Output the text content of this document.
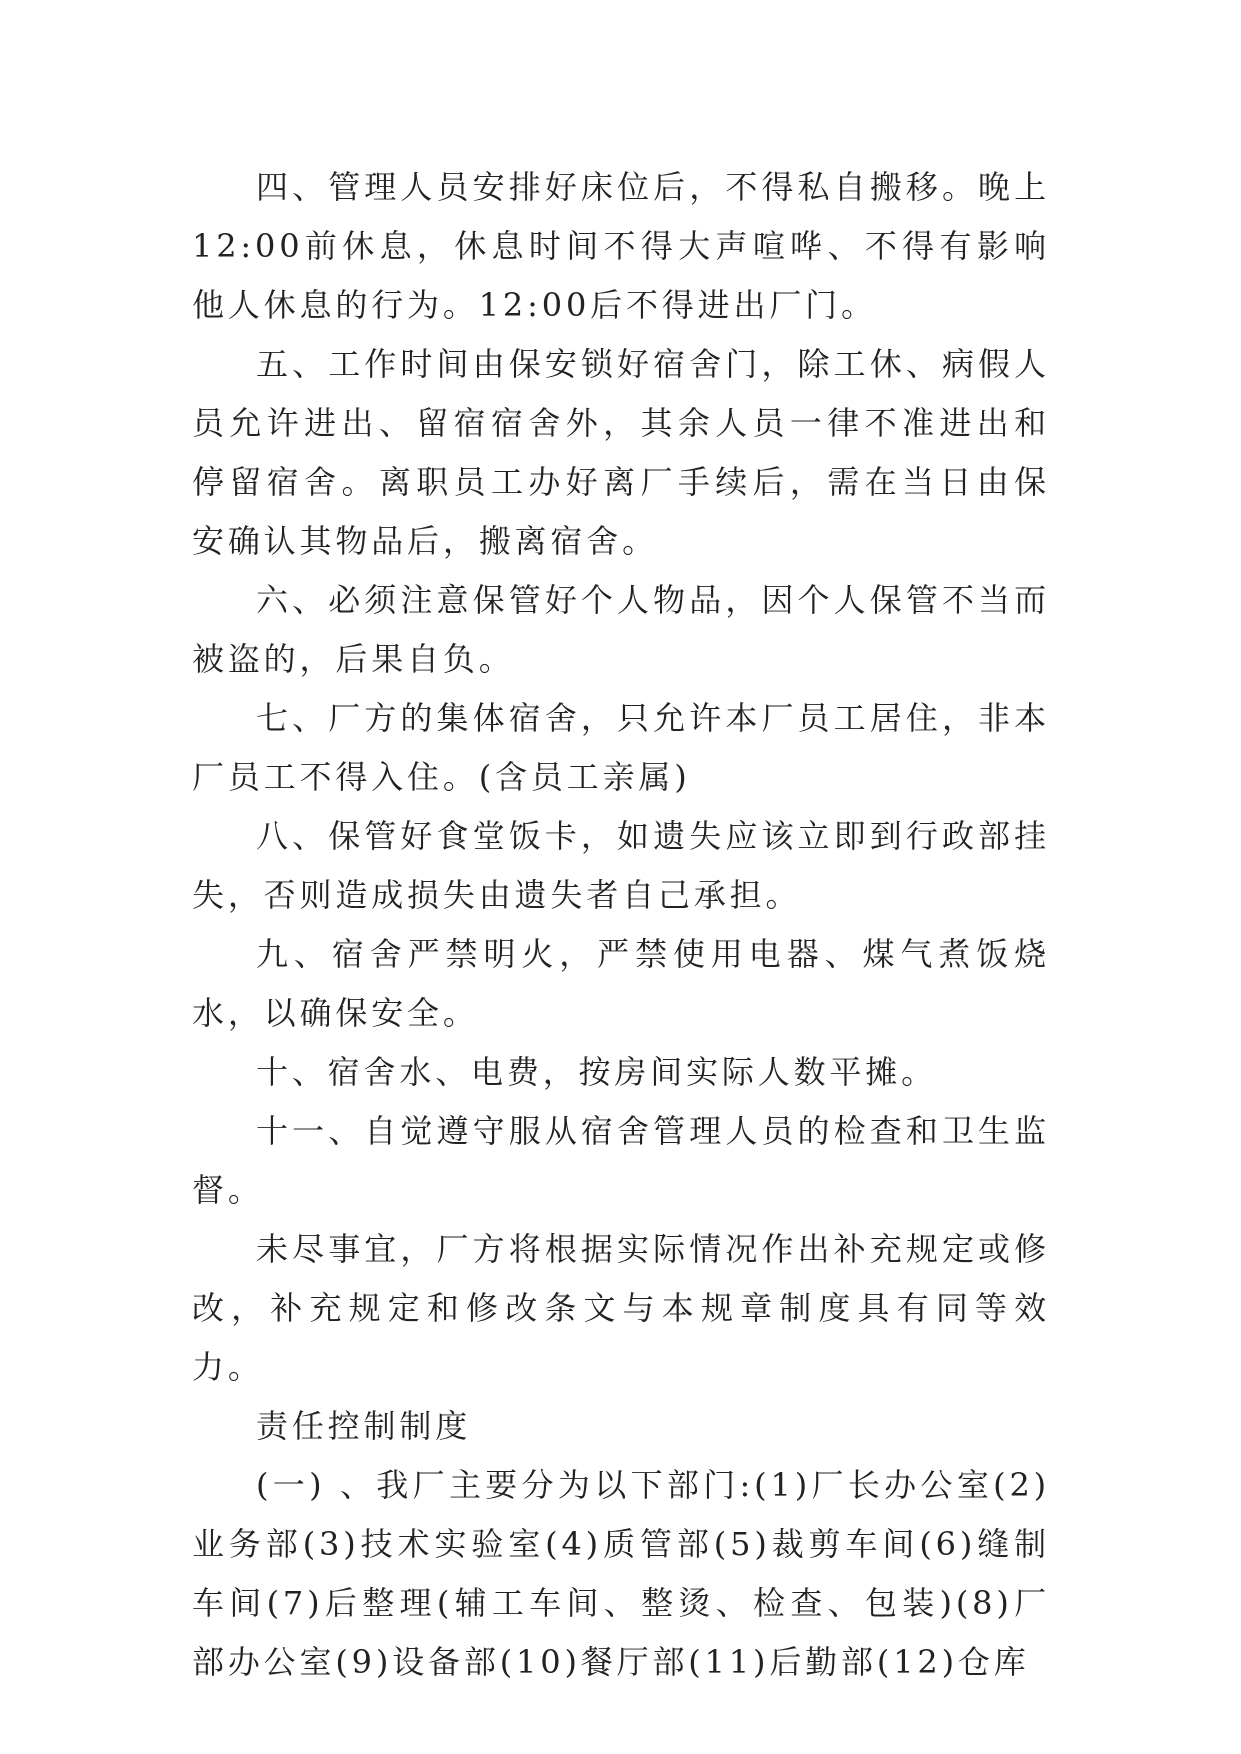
四、管理人员安排好床位后，不得私自搬移。晚上12:00前休息，休息时间不得大声喧哗、不得有影响他人休息的行为。12:00后不得进出厂门。

五、工作时间由保安锁好宿舍门，除工休、病假人员允许进出、留宿宿舍外，其余人员一律不准进出和停留宿舍。离职员工办好离厂手续后，需在当日由保安确认其物品后，搬离宿舍。

六、必须注意保管好个人物品，因个人保管不当而被盗的，后果自负。

七、厂方的集体宿舍，只允许本厂员工居住，非本厂员工不得入住。(含员工亲属)

八、保管好食堂饭卡，如遗失应该立即到行政部挂失，否则造成损失由遗失者自己承担。

九、宿舍严禁明火，严禁使用电器、煤气煮饭烧水，以确保安全。

十、宿舍水、电费，按房间实际人数平摊。

十一、自觉遵守服从宿舍管理人员的检查和卫生监督。

未尽事宜，厂方将根据实际情况作出补充规定或修改，补充规定和修改条文与本规章制度具有同等效力。

责任控制制度

(一) 、我厂主要分为以下部门:(1)厂长办公室(2)业务部(3)技术实验室(4)质管部(5)裁剪车间(6)缝制车间(7)后整理(辅工车间、整烫、检查、包装)(8)厂部办公室(9)设备部(10)餐厅部(11)后勤部(12)仓库
